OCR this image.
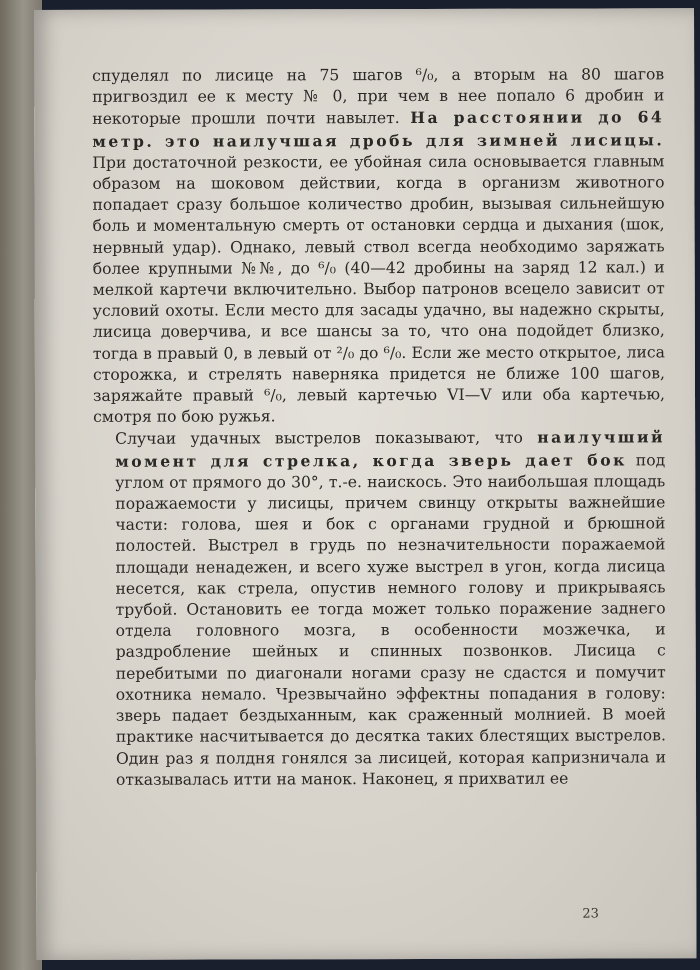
спуделял по лисице на 75 шагов ⁶/₀, а вторым на 80 шагов пригвоздил ее к месту № 0, при чем в нее попало 6 дробин и некоторые прошли почти навылет. На расстоянии до 64 метр. это наилучшая дробь для зимней лисицы. При достаточной резкости, ее убойная сила основывается главным образом на шоковом действии, когда в организм животного попадает сразу большое количество дробин, вызывая сильнейшую боль и моментальную смерть от остановки сердца и дыхания (шок, нервный удар). Однако, левый ствол всегда необходимо заряжать более крупными №№, до ⁶/₀ (40—42 дробины на заряд 12 кал.) и мелкой картечи включительно. Выбор патронов всецело зависит от условий охоты. Если место для засады удачно, вы надежно скрыты, лисица доверчива, и все шансы за то, что она подойдет близко, тогда в правый 0, в левый от ²/₀ до ⁶/₀. Если же место открытое, лиса сторожка, и стрелять наверняка придется не ближе 100 шагов, заряжайте правый ⁶/₀, левый картечью VI—V или оба картечью, смотря по бою ружья.

Случаи удачных выстрелов показывают, что наилучший момент для стрелка, когда зверь дает бок под углом от прямого до 30°, т.-е. наискось. Это наибольшая площадь поражаемости у лисицы, причем свинцу открыты важнейшие части: голова, шея и бок с органами грудной и брюшной полостей. Выстрел в грудь по незначительности поражаемой площади ненадежен, и всего хуже выстрел в угон, когда лисица несется, как стрела, опустив немного голову и прикрываясь трубой. Остановить ее тогда может только поражение заднего отдела головного мозга, в особенности мозжечка, и раздробление шейных и спинных позвонков. Лисица с перебитыми по диагонали ногами сразу не сдастся и помучит охотника немало. Чрезвычайно эффектны попадания в голову: зверь падает бездыханным, как сраженный молнией. В моей практике насчитывается до десятка таких блестящих выстрелов. Один раз я полдня гонялся за лисицей, которая капризничала и отказывалась итти на манок. Наконец, я прихватил ее

23
